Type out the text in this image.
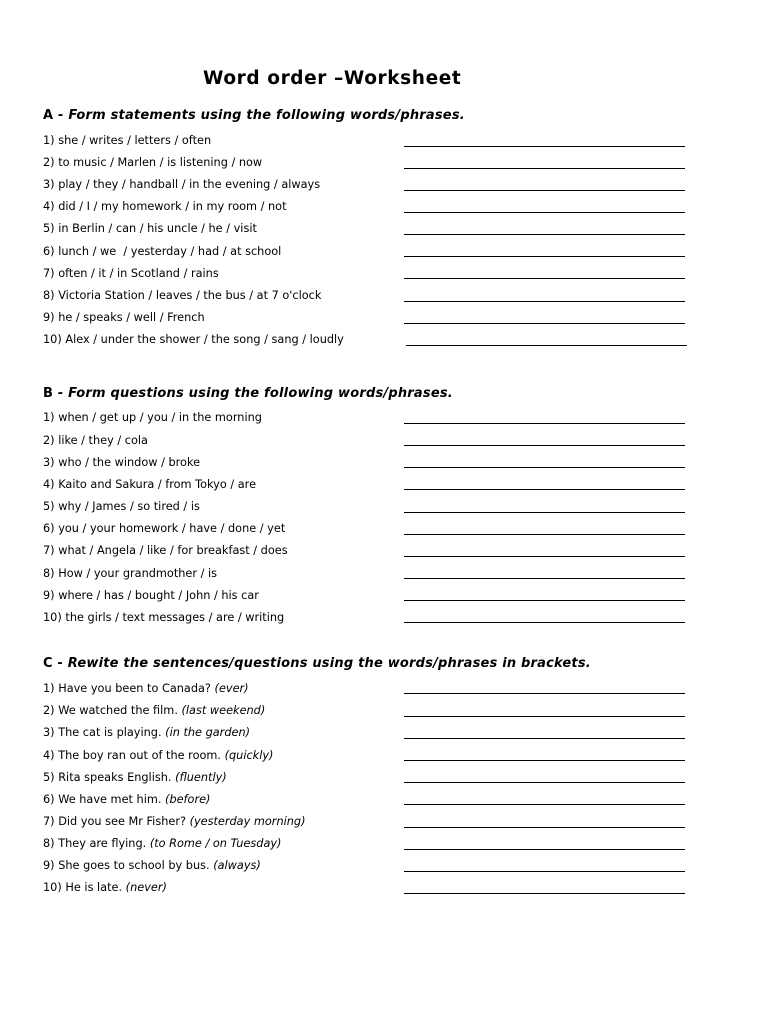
Word order –Worksheet
A - Form statements using the following words/phrases.
1) she / writes / letters / often
2) to music / Marlen / is listening / now
3) play / they / handball / in the evening / always
4) did / I / my homework / in my room / not
5) in Berlin / can / his uncle / he / visit
6) lunch / we  / yesterday / had / at school
7) often / it / in Scotland / rains
8) Victoria Station / leaves / the bus / at 7 o'clock
9) he / speaks / well / French
10) Alex / under the shower / the song / sang / loudly
B - Form questions using the following words/phrases.
1) when / get up / you / in the morning
2) like / they / cola
3) who / the window / broke
4) Kaito and Sakura / from Tokyo / are
5) why / James / so tired / is
6) you / your homework / have / done / yet
7) what / Angela / like / for breakfast / does
8) How / your grandmother / is
9) where / has / bought / John / his car
10) the girls / text messages / are / writing
C - Rewite the sentences/questions using the words/phrases in brackets.
1) Have you been to Canada? (ever)
2) We watched the film. (last weekend)
3) The cat is playing. (in the garden)
4) The boy ran out of the room. (quickly)
5) Rita speaks English. (fluently)
6) We have met him. (before)
7) Did you see Mr Fisher? (yesterday morning)
8) They are flying. (to Rome / on Tuesday)
9) She goes to school by bus. (always)
10) He is late. (never)
